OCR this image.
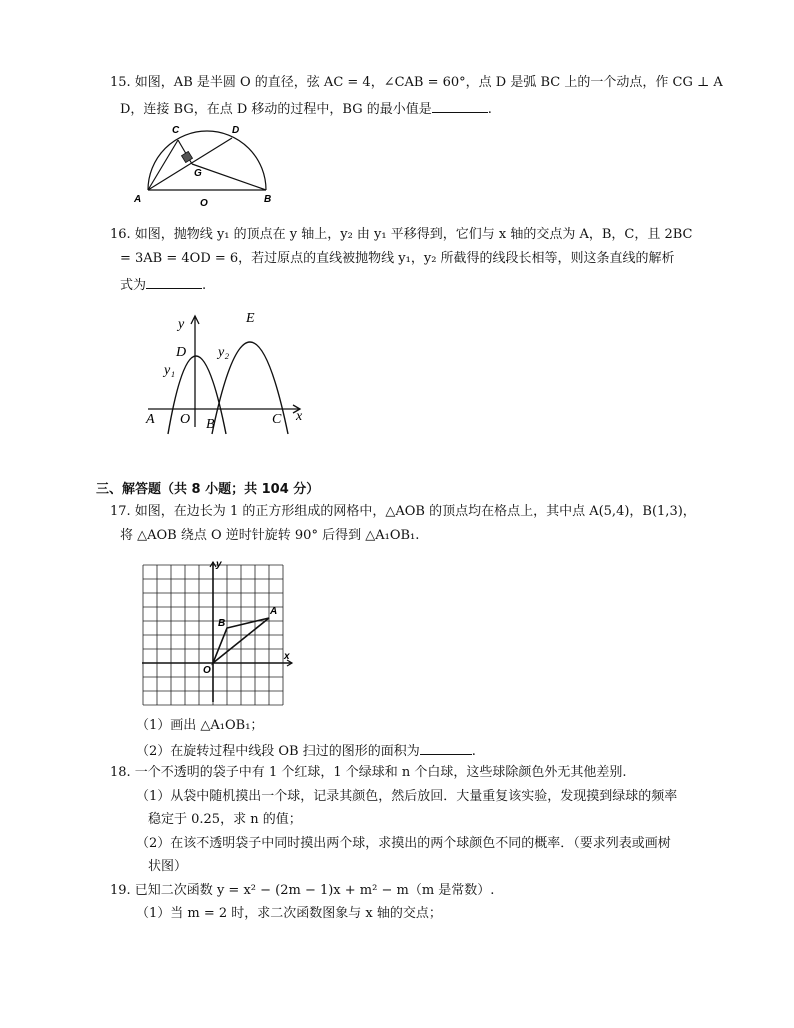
15. 如图，AB 是半圆 O 的直径，弦 AC = 4，∠CAB = 60°，点 D 是弧 BC 上的一个动点，作 CG ⊥ A
D，连接 BG，在点 D 移动的过程中，BG 的最小值是	.
C	D
G
A	O	B
16. 如图，抛物线 y₁ 的顶点在 y 轴上，y₂ 由 y₁ 平移得到，它们与 x 轴的交点为 A，B，C，且 2BC
= 3AB = 4OD = 6，若过原点的直线被抛物线 y₁，y₂ 所截得的线段长相等，则这条直线的解析
式为	.
y
x
D
E
y₁
y₂
A O B	C
三、解答题（共 8 小题；共 104 分）
17. 如图，在边长为 1 的正方形组成的网格中，△AOB 的顶点均在格点上，其中点 A(5,4)，B(1,3)，
将 △AOB 绕点 O 逆时针旋转 90° 后得到 △A₁OB₁.
y
x
A
B
O
（1）画出 △A₁OB₁；
（2）在旋转过程中线段 OB 扫过的图形的面积为	.
18. 一个不透明的袋子中有 1 个红球，1 个绿球和 n 个白球，这些球除颜色外无其他差别.
（1）从袋中随机摸出一个球，记录其颜色，然后放回．大量重复该实验，发现摸到绿球的频率
稳定于 0.25，求 n 的值；
（2）在该不透明袋子中同时摸出两个球，求摸出的两个球颜色不同的概率．（要求列表或画树
状图）
19. 已知二次函数 y = x² − (2m − 1)x + m² − m（m 是常数）.
（1）当 m = 2 时，求二次函数图象与 x 轴的交点；
